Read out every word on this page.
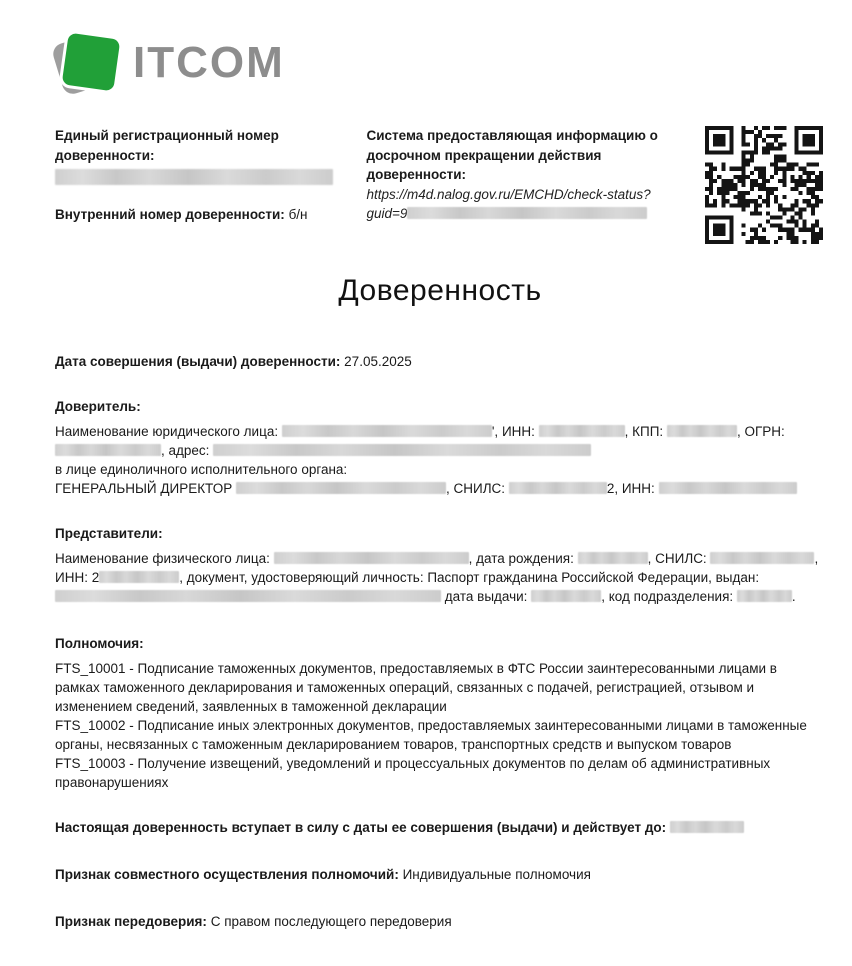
ITCOM
Единый регистрационный номер доверенности:
Внутренний номер доверенности: б/н
Система предоставляющая информацию о досрочном прекращении действия доверенности:
https://m4d.nalog.gov.ru/EMCHD/check-status?
guid=9
Доверенность
Дата совершения (выдачи) доверенности: 27.05.2025
Доверитель:
Наименование юридического лица:	', ИНН:	, КПП:	, ОГРН:
, адрес:
в лице единоличного исполнительного органа:
ГЕНЕРАЛЬНЫЙ ДИРЕКТОР	, СНИЛС:	2, ИНН:
Представители:
Наименование физического лица:	, дата рождения:	, СНИЛС:	,
ИНН: 2	, документ, удостоверяющий личность: Паспорт гражданина Российской Федерации, выдан:
дата выдачи:	, код подразделения:	.
Полномочия:
FTS_10001 - Подписание таможенных документов, предоставляемых в ФТС России заинтересованными лицами в рамках таможенного декларирования и таможенных операций, связанных с подачей, регистрацией, отзывом и изменением сведений, заявленных в таможенной декларации
FTS_10002 - Подписание иных электронных документов, предоставляемых заинтересованными лицами в таможенные органы, несвязанных с таможенным декларированием товаров, транспортных средств и выпуском товаров
FTS_10003 - Получение извещений, уведомлений и процессуальных документов по делам об административных правонарушениях
Настоящая доверенность вступает в силу с даты ее совершения (выдачи) и действует до:
Признак совместного осуществления полномочий: Индивидуальные полномочия
Признак передоверия: С правом последующего передоверия
